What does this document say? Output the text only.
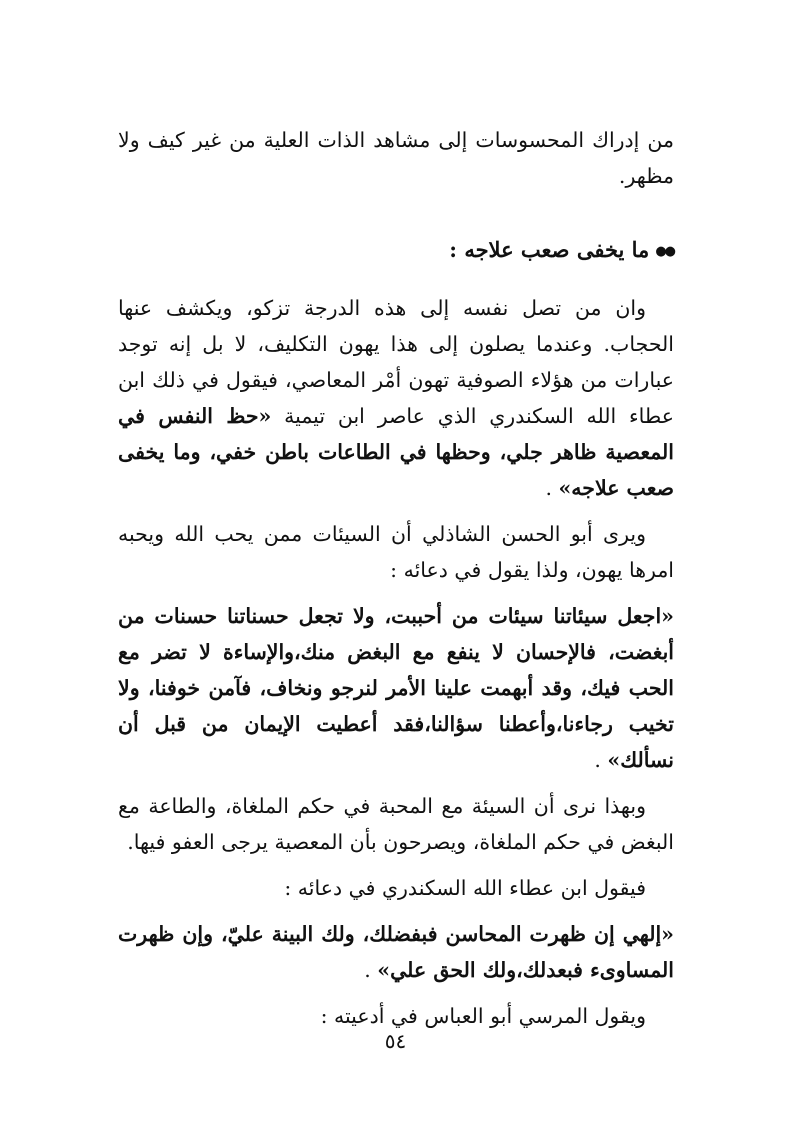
من إدراك المحسوسات إلى مشاهد الذات العلية من غير كيف ولا مظهر.

●●ما يخفى صعب علاجه :

وان من تصل نفسه إلى هذه الدرجة تزكو، ويكشف عنها الحجاب. وعندما يصلون إلى هذا يهون التكليف، لا بل إنه توجد عبارات من هؤلاء الصوفية تهون أمْر المعاصي، فيقول في ذلك ابن عطاء الله السكندري الذي عاصر ابن تيمية «حظ النفس في المعصية ظاهر جلي، وحظها في الطاعات باطن خفي، وما يخفى صعب علاجه» .

ويرى أبو الحسن الشاذلي أن السيئات ممن يحب الله ويحبه امرها يهون، ولذا يقول في دعائه :

«اجعل سيئاتنا سيئات من أحببت، ولا تجعل حسناتنا حسنات من أبغضت، فالإحسان لا ينفع مع البغض منك،والإساءة لا تضر مع الحب فيك، وقد أبهمت علينا الأمر لنرجو ونخاف، فآمن خوفنا، ولا تخيب رجاءنا،وأعطنا سؤالنا،فقد أعطيت الإيمان من قبل أن نسألك» .

وبهذا نرى أن السيئة مع المحبة في حكم الملغاة، والطاعة مع البغض في حكم الملغاة، ويصرحون بأن المعصية يرجى العفو فيها.

فيقول ابن عطاء الله السكندري في دعائه :

«إلهي إن ظهرت المحاسن فبفضلك، ولك البينة عليّ، وإن ظهرت المساوىء فبعدلك،ولك الحق علي» .

ويقول المرسي أبو العباس في أدعيته :

٥٤
